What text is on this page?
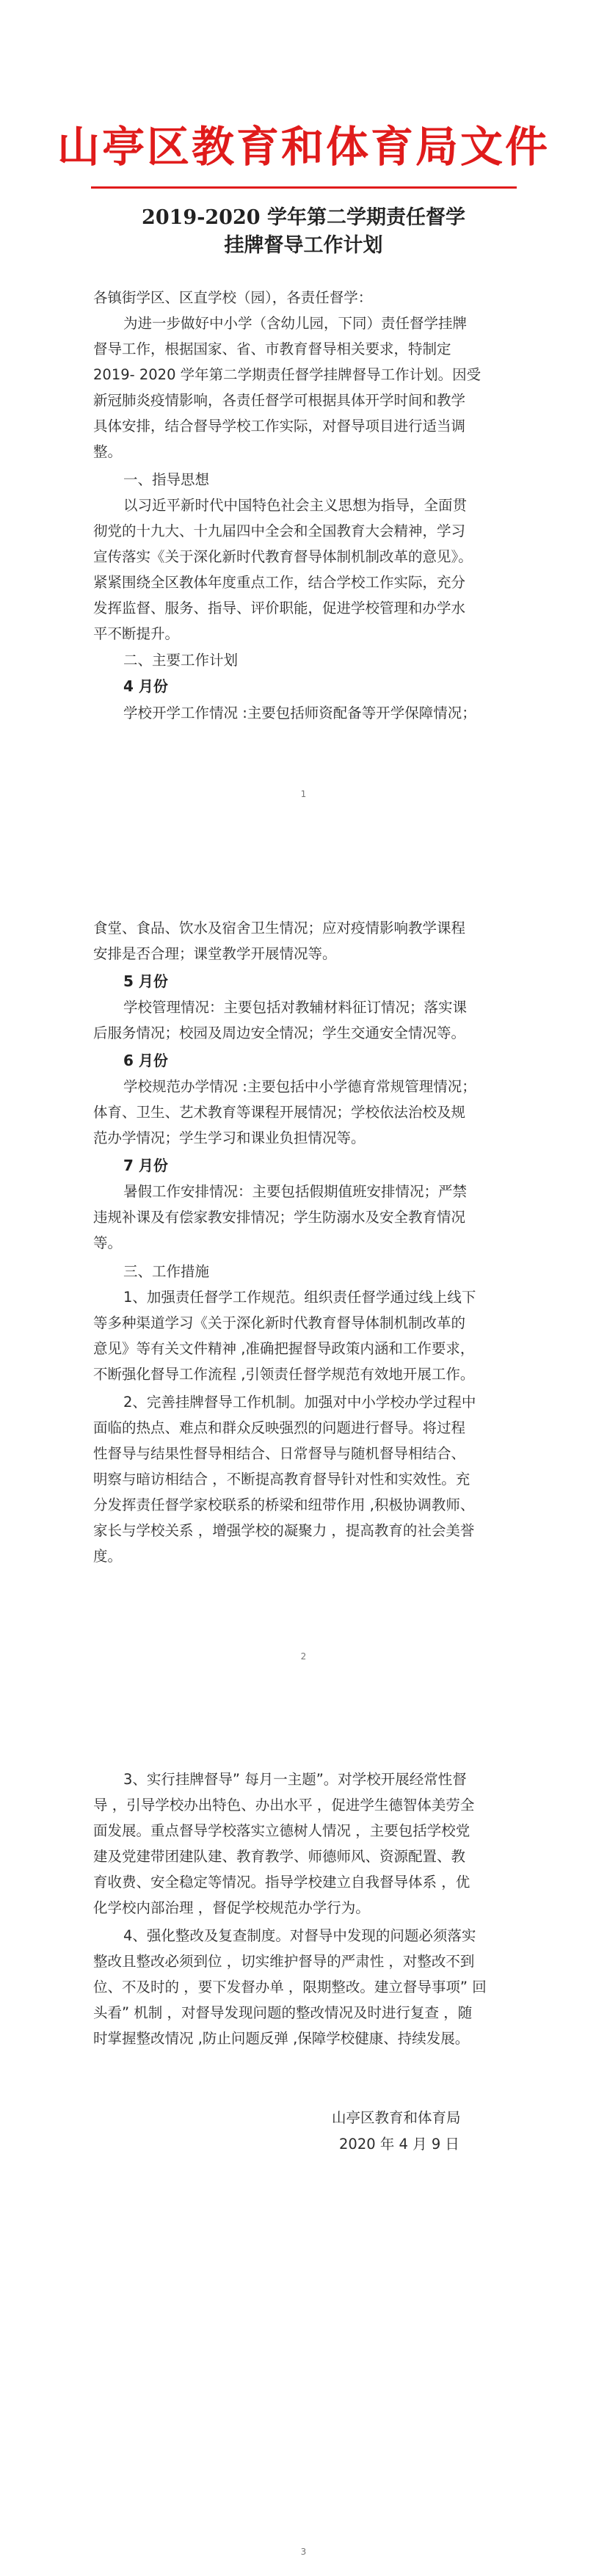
山亭区教育和体育局文件
2019-2020 学年第二学期责任督学
挂牌督导工作计划
各镇街学区、区直学校（园），各责任督学：
为进一步做好中小学（含幼儿园，下同）责任督学挂牌
督导工作，根据国家、省、市教育督导相关要求，特制定
2019- 2020 学年第二学期责任督学挂牌督导工作计划。因受
新冠肺炎疫情影响，各责任督学可根据具体开学时间和教学
具体安排，结合督导学校工作实际，对督导项目进行适当调
整。
一、指导思想
以习近平新时代中国特色社会主义思想为指导，全面贯
彻党的十九大、十九届四中全会和全国教育大会精神，学习
宣传落实《关于深化新时代教育督导体制机制改革的意见》。
紧紧围绕全区教体年度重点工作，结合学校工作实际，充分
发挥监督、服务、指导、评价职能，促进学校管理和办学水
平不断提升。
二、主要工作计划
4 月份
学校开学工作情况 :主要包括师资配备等开学保障情况；
1
食堂、食品、饮水及宿舍卫生情况；应对疫情影响教学课程
安排是否合理；课堂教学开展情况等。
5 月份
学校管理情况：主要包括对教辅材料征订情况；落实课
后服务情况；校园及周边安全情况；学生交通安全情况等。
6 月份
学校规范办学情况 :主要包括中小学德育常规管理情况；
体育、卫生、艺术教育等课程开展情况；学校依法治校及规
范办学情况；学生学习和课业负担情况等。
7 月份
暑假工作安排情况：主要包括假期值班安排情况；严禁
违规补课及有偿家教安排情况；学生防溺水及安全教育情况
等。
三、工作措施
1、加强责任督学工作规范。组织责任督学通过线上线下
等多种渠道学习《关于深化新时代教育督导体制机制改革的
意见》等有关文件精神 ,准确把握督导政策内涵和工作要求，
不断强化督导工作流程 ,引领责任督学规范有效地开展工作。
2、完善挂牌督导工作机制。加强对中小学校办学过程中
面临的热点、难点和群众反映强烈的问题进行督导。将过程
性督导与结果性督导相结合、日常督导与随机督导相结合、
明察与暗访相结合 ，不断提高教育督导针对性和实效性。充
分发挥责任督学家校联系的桥梁和纽带作用 ,积极协调教师、
家长与学校关系 ，增强学校的凝聚力 ，提高教育的社会美誉
度。
2
3、实行挂牌督导” 每月一主题”。对学校开展经常性督
导 ，引导学校办出特色、办出水平 ，促进学生德智体美劳全
面发展。重点督导学校落实立德树人情况 ，主要包括学校党
建及党建带团建队建、教育教学、师德师风、资源配置、教
育收费、安全稳定等情况。指导学校建立自我督导体系 ，优
化学校内部治理 ，督促学校规范办学行为。
4、强化整改及复查制度。对督导中发现的问题必须落实
整改且整改必须到位 ，切实维护督导的严肃性 ，对整改不到
位、不及时的 ，要下发督办单 ，限期整改。建立督导事项” 回
头看” 机制 ，对督导发现问题的整改情况及时进行复查 ，随
时掌握整改情况 ,防止问题反弹 ,保障学校健康、持续发展。
山亭区教育和体育局
2020 年 4 月 9 日
3
